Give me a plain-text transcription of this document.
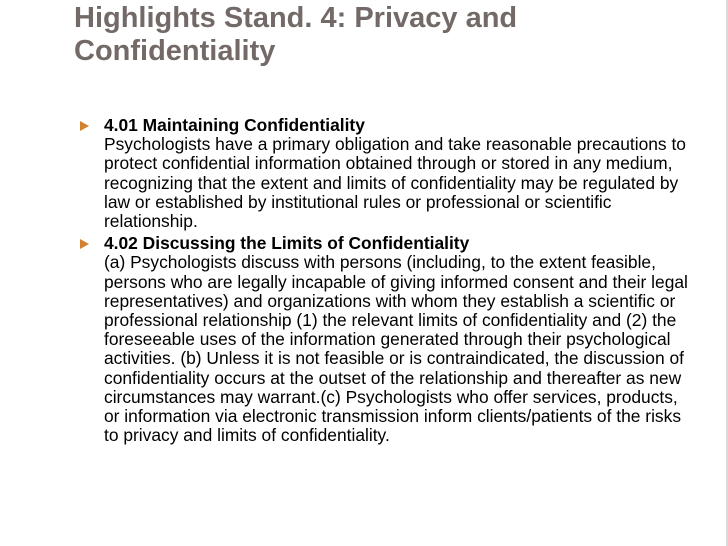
Highlights Stand. 4: Privacy and
Confidentiality
4.01 Maintaining Confidentiality
Psychologists have a primary obligation and take reasonable precautions to protect confidential information obtained through or stored in any medium, recognizing that the extent and limits of confidentiality may be regulated by law or established by institutional rules or professional or scientific relationship.
4.02 Discussing the Limits of Confidentiality
(a) Psychologists discuss with persons (including, to the extent feasible, persons who are legally incapable of giving informed consent and their legal representatives) and organizations with whom they establish a scientific or professional relationship (1) the relevant limits of confidentiality and (2) the foreseeable uses of the information generated through their psychological activities. (b) Unless it is not feasible or is contraindicated, the discussion of confidentiality occurs at the outset of the relationship and thereafter as new circumstances may warrant.(c) Psychologists who offer services, products, or information via electronic transmission inform clients/patients of the risks to privacy and limits of confidentiality.
